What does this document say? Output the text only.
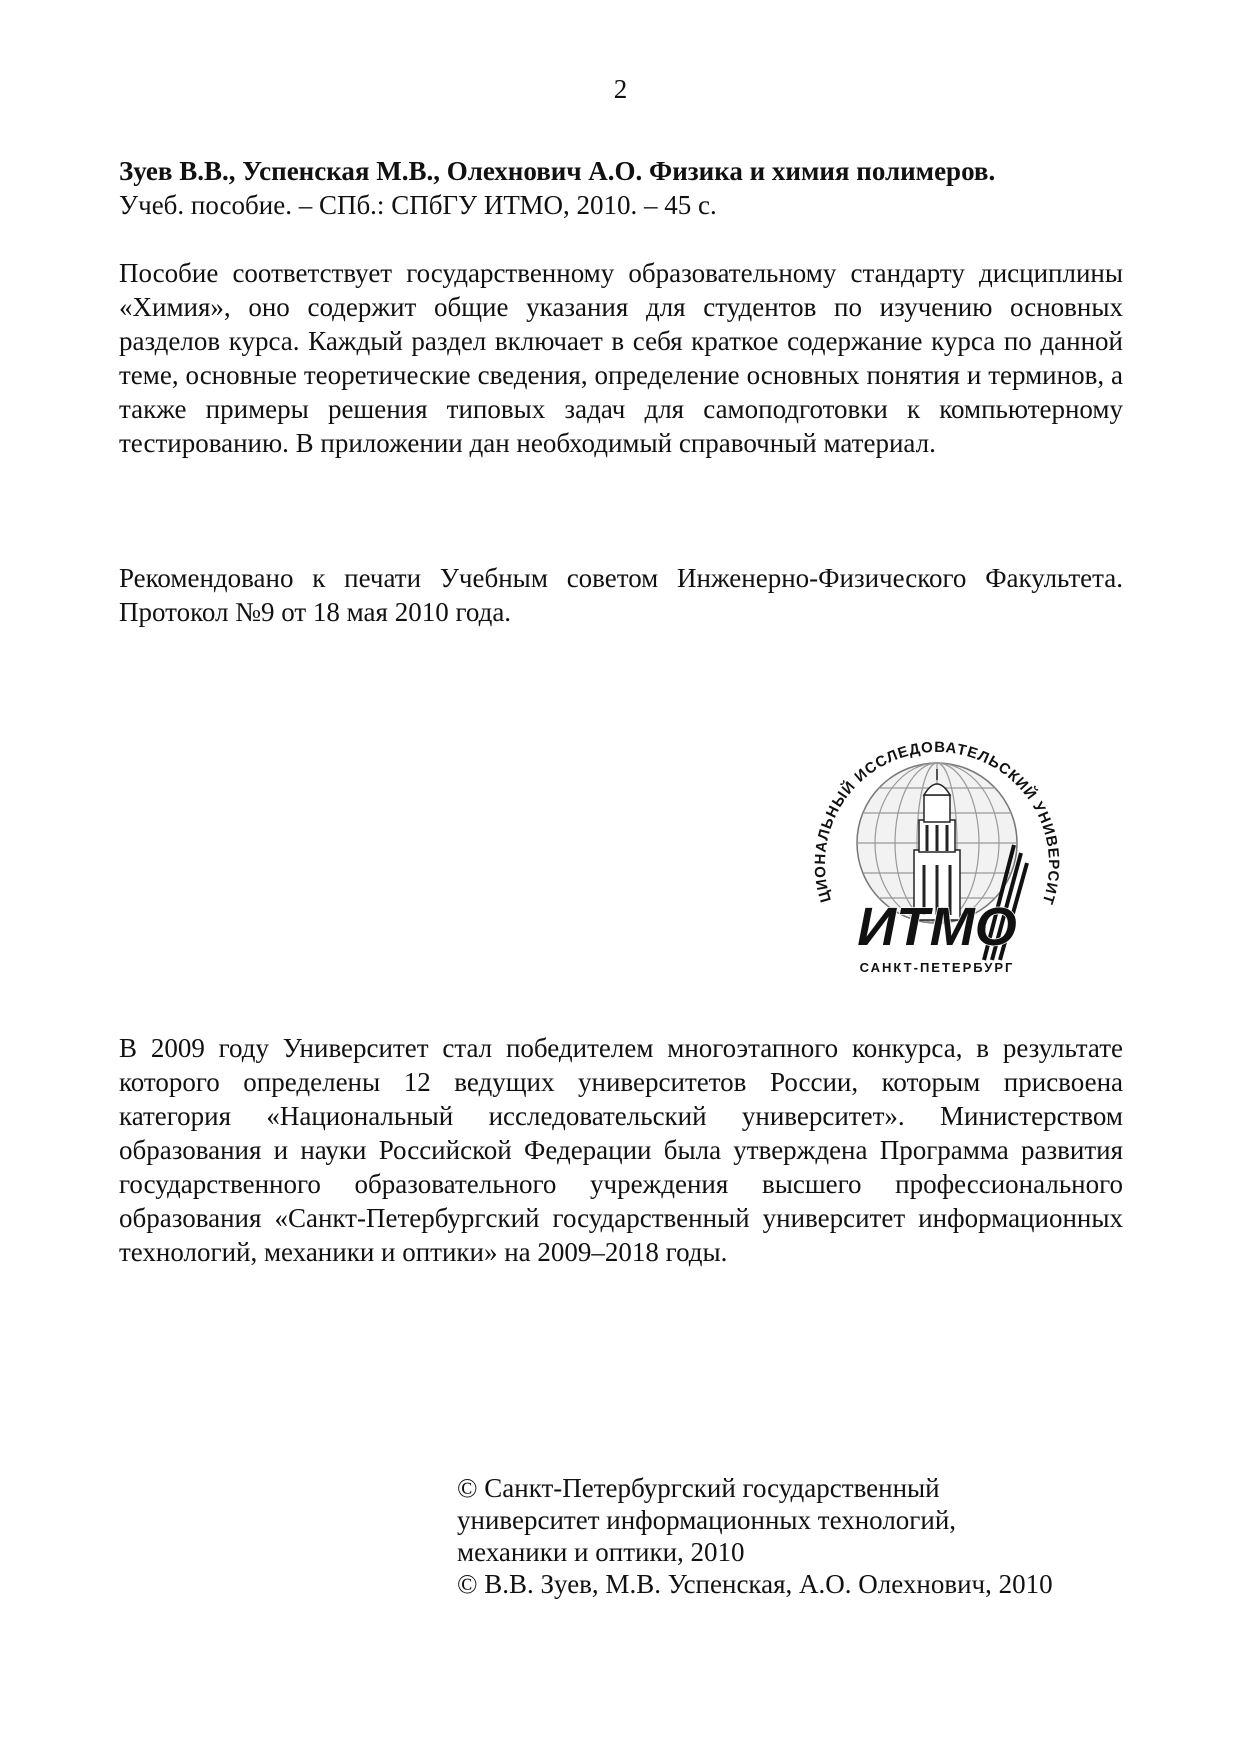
2
Зуев В.В., Успенская М.В., Олехнович А.О. Физика и химия полимеров.
Учеб. пособие. – СПб.: СПбГУ ИТМО, 2010. – 45 с.
Пособие соответствует государственному образовательному стандарту дисциплины «Химия», оно содержит общие указания для студентов по изучению основных разделов курса. Каждый раздел включает в себя краткое содержание курса по данной теме, основные теоретические сведения, определение основных понятия и терминов, а также примеры решения типовых задач для самоподготовки к компьютерному тестированию. В приложении дан необходимый справочный материал.
Рекомендовано к печати Учебным советом Инженерно-Физического Факультета. Протокол №9 от 18 мая 2010 года.
ЦИОНАЛЬНЫЙ ИССЛЕДОВАТЕЛЬСКИЙ УНИВЕРСИТ
ИТМО
САНКТ-ПЕТЕРБУРГ
В 2009 году Университет стал победителем многоэтапного конкурса, в результате которого определены 12 ведущих университетов России, которым присвоена категория «Национальный исследовательский университет». Министерством образования и науки Российской Федерации была утверждена Программа развития государственного образовательного учреждения высшего профессионального образования «Санкт-Петербургский государственный университет информационных технологий, механики и оптики» на 2009–2018 годы.
© Санкт-Петербургский государственный
университет информационных технологий,
механики и оптики, 2010
© В.В. Зуев, М.В. Успенская, А.О. Олехнович, 2010
